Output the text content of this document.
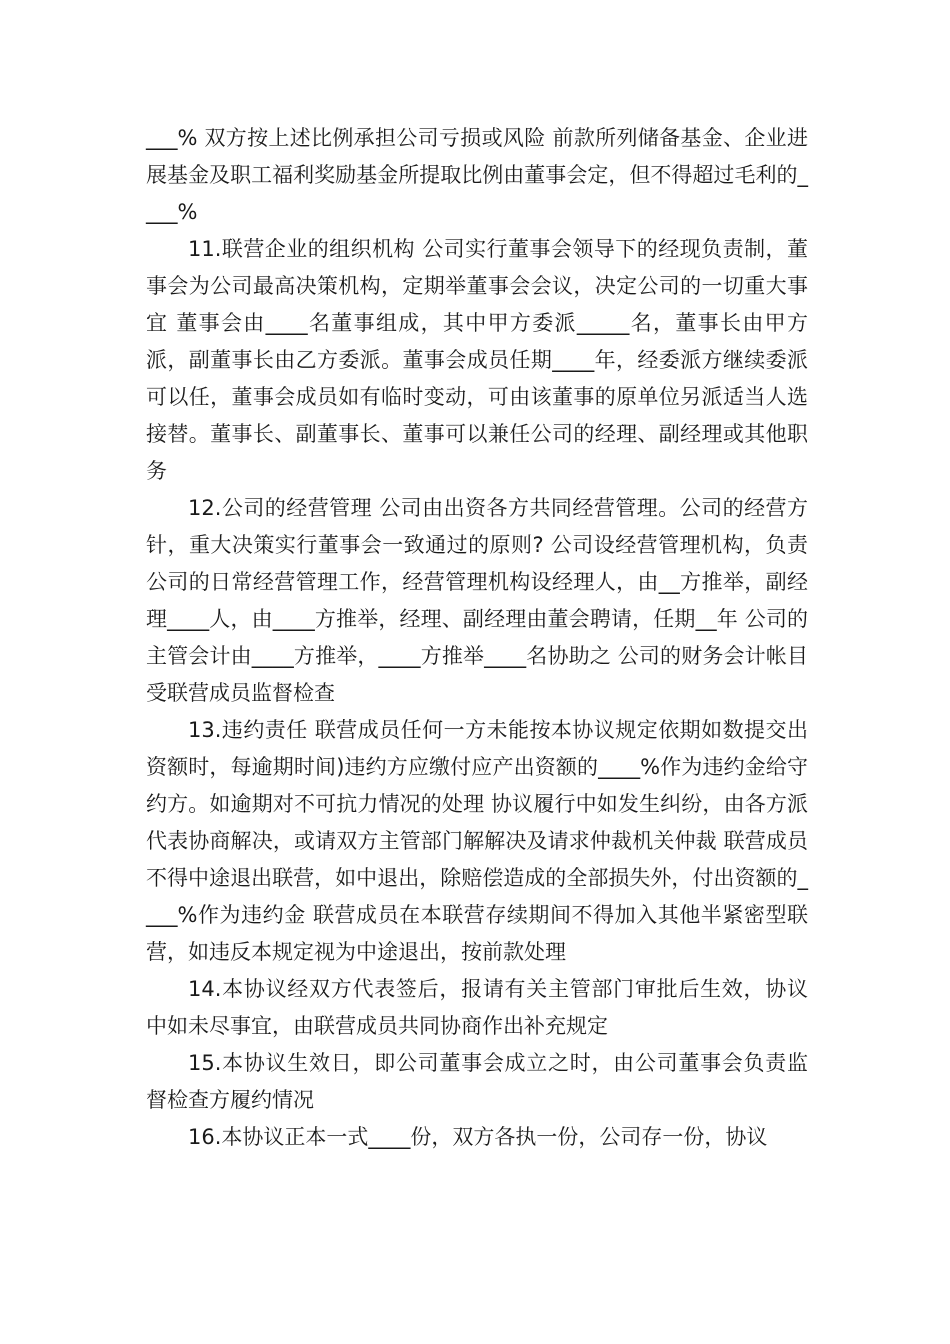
___% 双方按上述比例承担公司亏损或风险 前款所列储备基金、企业进展基金及职工福利奖励基金所提取比例由董事会定，但不得超过毛利的____%

11.联营企业的组织机构 公司实行董事会领导下的经现负责制，董事会为公司最高决策机构，定期举董事会会议，决定公司的一切重大事宜 董事会由____名董事组成，其中甲方委派_____名，董事长由甲方派，副董事长由乙方委派。董事会成员任期____年，经委派方继续委派可以任，董事会成员如有临时变动，可由该董事的原单位另派适当人选接替。董事长、副董事长、董事可以兼任公司的经理、副经理或其他职务

12.公司的经营管理 公司由出资各方共同经营管理。公司的经营方针，重大决策实行董事会一致通过的原则? 公司设经营管理机构，负责公司的日常经营管理工作，经营管理机构设经理人，由__方推举，副经理____人，由____方推举，经理、副经理由董会聘请，任期__年 公司的主管会计由____方推举，____方推举____名协助之 公司的财务会计帐目受联营成员监督检查

13.违约责任 联营成员任何一方未能按本协议规定依期如数提交出资额时，每逾期时间)违约方应缴付应产出资额的____%作为违约金给守约方。如逾期对不可抗力情况的处理 协议履行中如发生纠纷，由各方派代表协商解决，或请双方主管部门解解决及请求仲裁机关仲裁 联营成员不得中途退出联营，如中退出，除赔偿造成的全部损失外，付出资额的____%作为违约金 联营成员在本联营存续期间不得加入其他半紧密型联营，如违反本规定视为中途退出，按前款处理

14.本协议经双方代表签后，报请有关主管部门审批后生效，协议中如未尽事宜，由联营成员共同协商作出补充规定

15.本协议生效日，即公司董事会成立之时，由公司董事会负责监督检查方履约情况

16.本协议正本一式____份，双方各执一份，公司存一份，协议
